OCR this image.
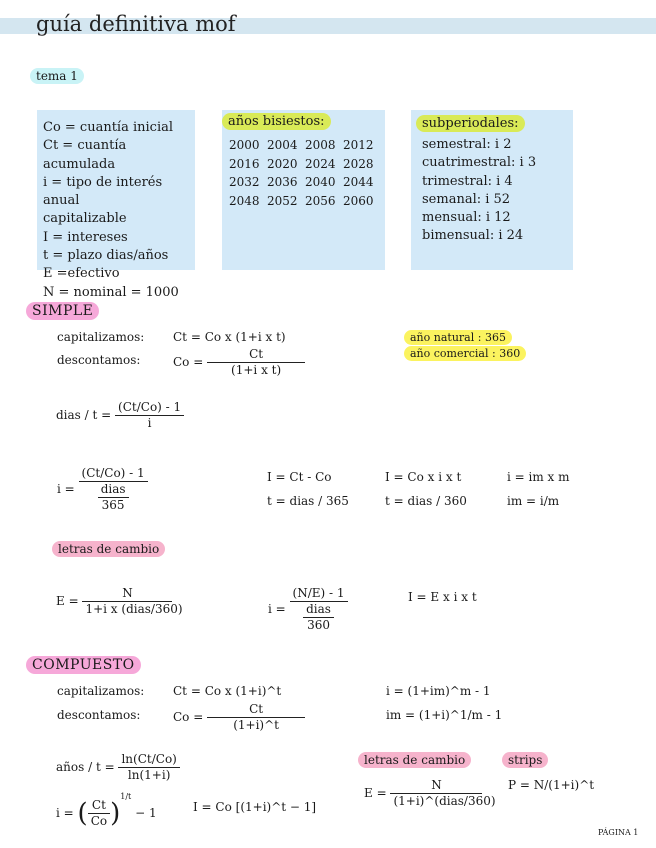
guía definitiva mof
tema 1
Co = cuantía inicial
Ct = cuantía acumulada
i = tipo de interés anual
capitalizable
I = intereses
t = plazo dias/años
E =efectivo
N = nominal = 1000
años bisiestos:
2000 2004 2008 2012
2016 2020 2024 2028
2032 2036 2040 2044
2048 2052 2056 2060
subperiodales:
semestral: i 2
cuatrimestral: i 3
trimestral: i 4
semanal: i 52
mensual: i 12
bimensual: i 24
SIMPLE
capitalizamos: Ct = Co x (1+i x t)
descontamos:	$Co = \frac{Ct}{\text{(1+i x t)}}$
año natural : 365
año comercial : 360
dias / $t = \frac{(Ct/Co) - 1}{i}$
$i = \frac{(Ct/Co) - 1}{\frac{\text{dias}}{365}}$	I = Ct - Co
t = dias / 365
I = Co x i x t
t = dias / 360
i = im x m
im = i/m
letras de cambio
$E = \frac{N}{\text{1+i x (dias/360)}}$	$i = \frac{(N/E) - 1}{\frac{\text{dias}}{360}}$	I = E x i x t
COMPUESTO
capitalizamos: Ct = Co x (1+i)^t
descontamos:	$Co = \frac{Ct}{(1+i)\^{}t}$
i = (1+im)^m - 1
im = (1+i)^1/m - 1
años / $t = \frac{\ln(Ct/Co)}{\ln(1+i)}$	letras de cambio	strips
$E = \frac{N}{\text{(1+i)\textasciicircum{}(dias/360)}}$ P = N/(1+i)^t
i = ( $\frac{Ct}{Co} )^{1/t} - 1$	I = Co [(1+i)^t − 1]
PÁGINA 1
